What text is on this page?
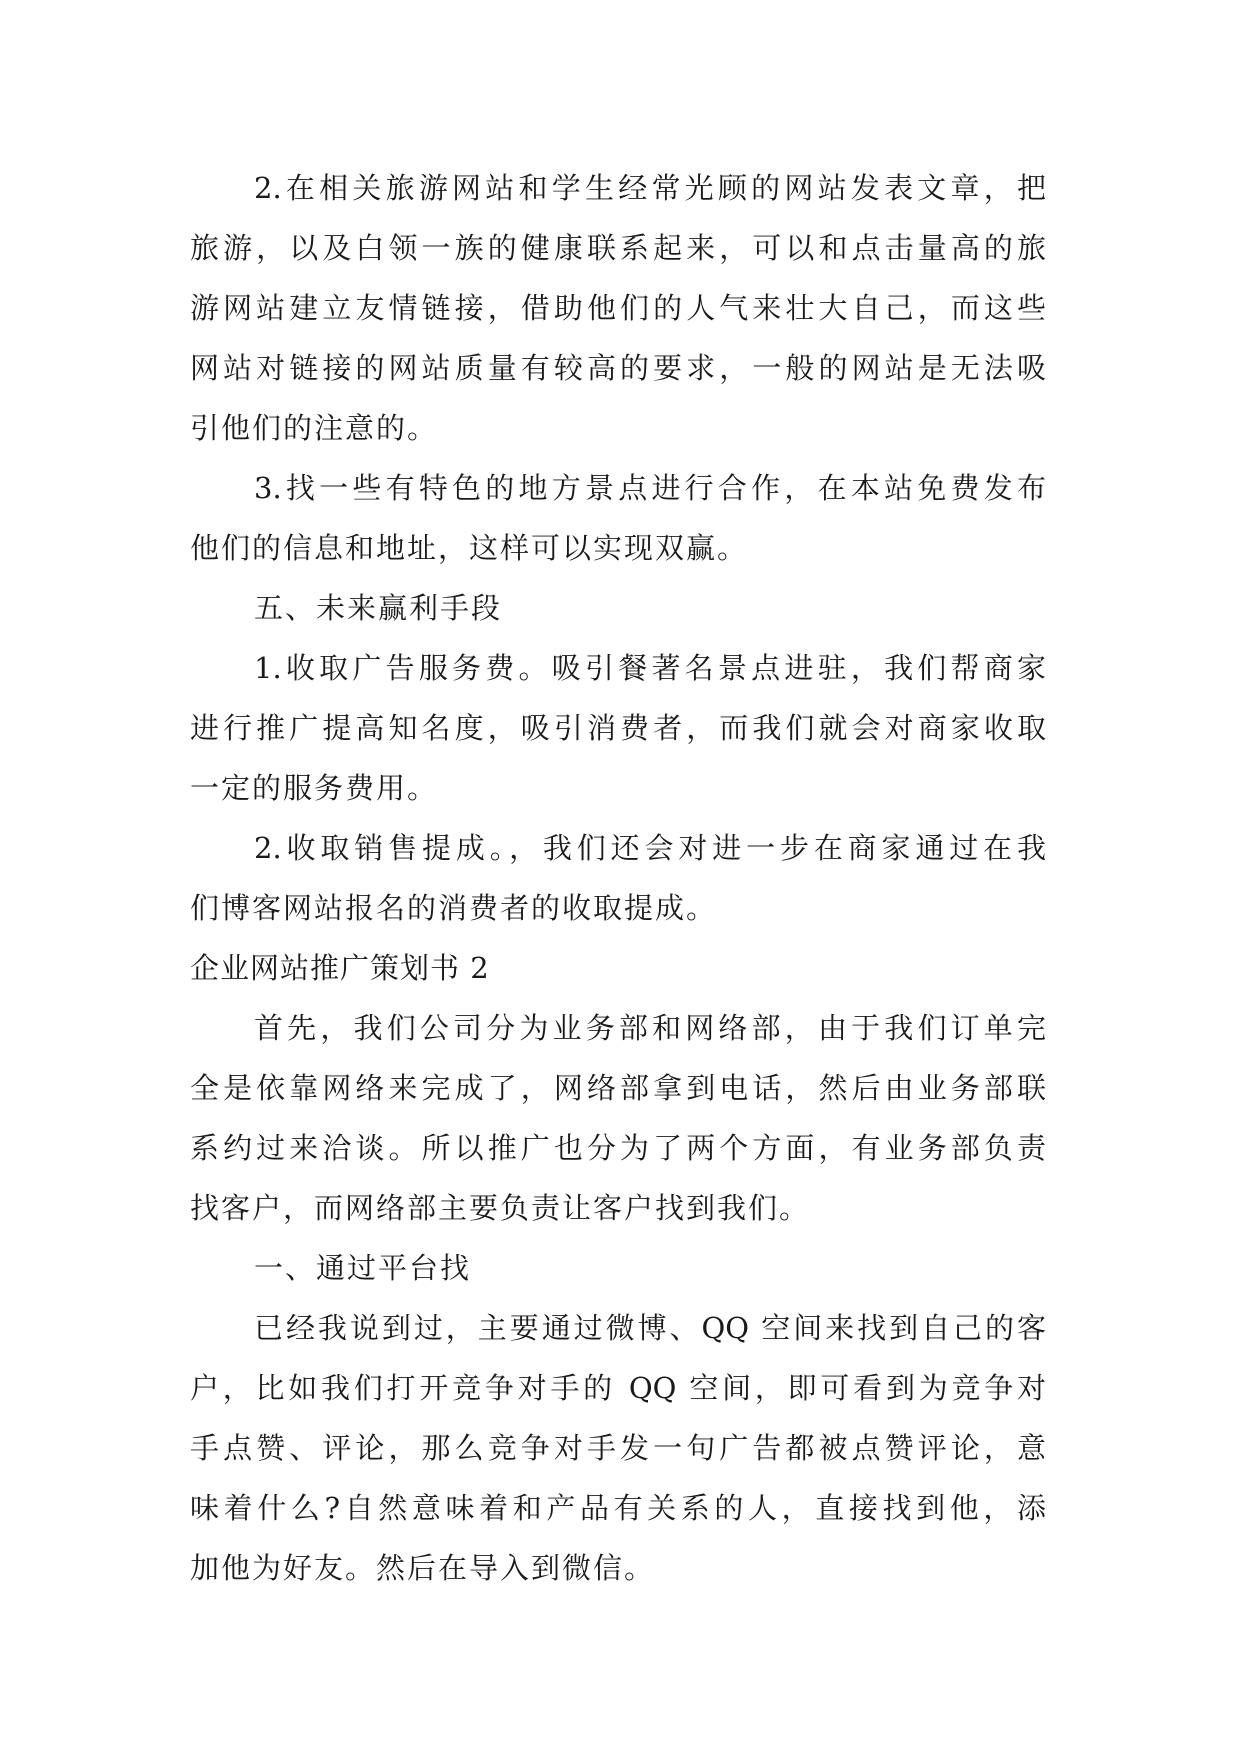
2.在相关旅游网站和学生经常光顾的网站发表文章，把
旅游，以及白领一族的健康联系起来，可以和点击量高的旅
游网站建立友情链接，借助他们的人气来壮大自己，而这些
网站对链接的网站质量有较高的要求，一般的网站是无法吸
引他们的注意的。
3.找一些有特色的地方景点进行合作，在本站免费发布
他们的信息和地址，这样可以实现双赢。
五、未来赢利手段
1.收取广告服务费。吸引餐著名景点进驻，我们帮商家
进行推广提高知名度，吸引消费者，而我们就会对商家收取
一定的服务费用。
2.收取销售提成。，我们还会对进一步在商家通过在我
们博客网站报名的消费者的收取提成。
企业网站推广策划书 2
首先，我们公司分为业务部和网络部，由于我们订单完
全是依靠网络来完成了，网络部拿到电话，然后由业务部联
系约过来洽谈。所以推广也分为了两个方面，有业务部负责
找客户，而网络部主要负责让客户找到我们。
一、通过平台找
已经我说到过，主要通过微博、QQ 空间来找到自己的客
户，比如我们打开竞争对手的 QQ 空间，即可看到为竞争对
手点赞、评论，那么竞争对手发一句广告都被点赞评论，意
味着什么?自然意味着和产品有关系的人，直接找到他，添
加他为好友。然后在导入到微信。
